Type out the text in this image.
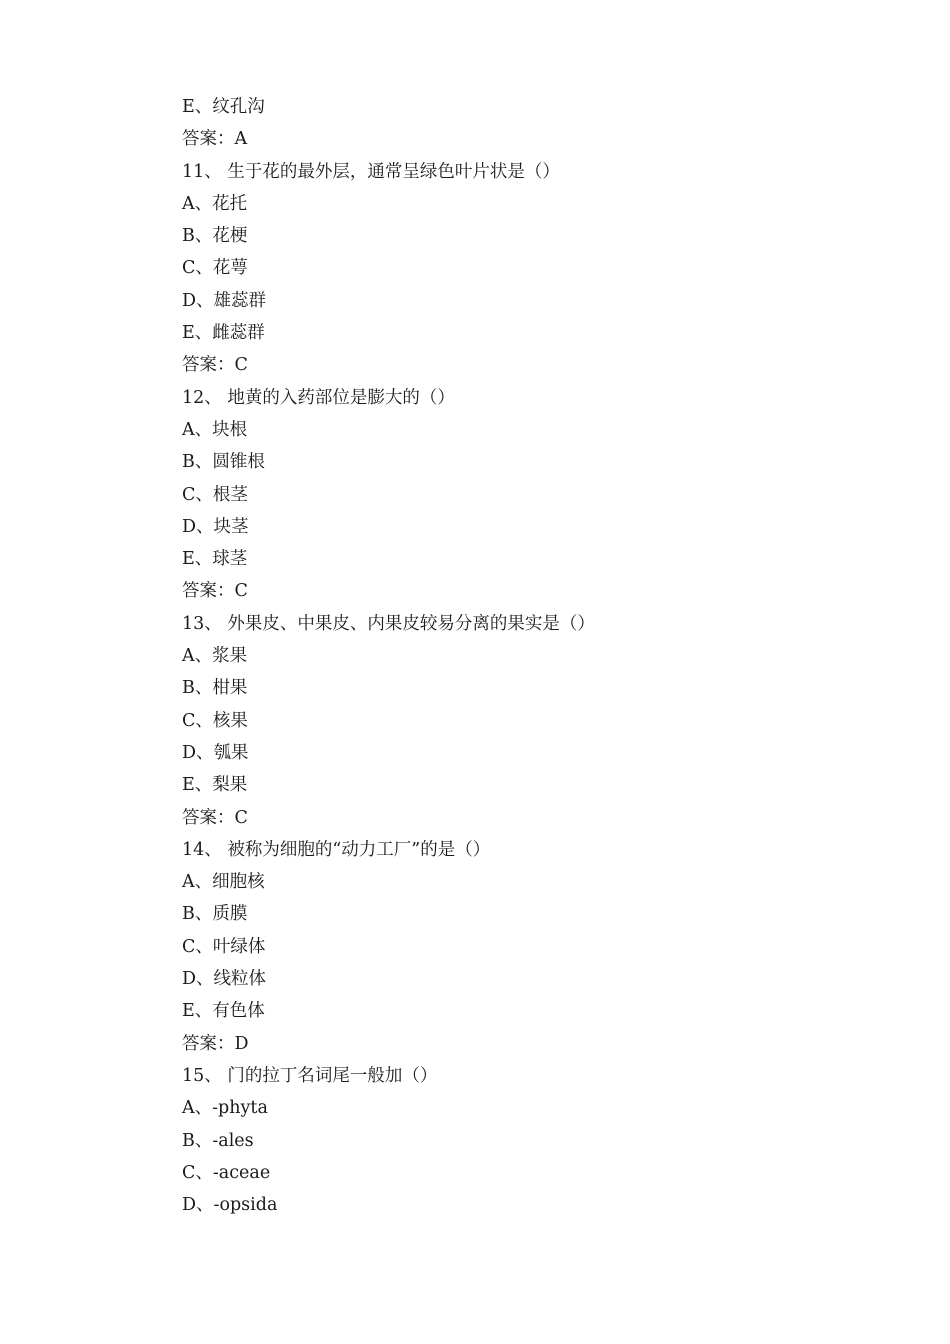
E、纹孔沟
答案：A
11、 生于花的最外层，通常呈绿色叶片状是（）
A、花托
B、花梗
C、花萼
D、雄蕊群
E、雌蕊群
答案：C
12、 地黄的入药部位是膨大的（）
A、块根
B、圆锥根
C、根茎
D、块茎
E、球茎
答案：C
13、 外果皮、中果皮、内果皮较易分离的果实是（）
A、浆果
B、柑果
C、核果
D、瓠果
E、梨果
答案：C
14、 被称为细胞的“动力工厂”的是（）
A、细胞核
B、质膜
C、叶绿体
D、线粒体
E、有色体
答案：D
15、 门的拉丁名词尾一般加（）
A、-phyta
B、-ales
C、-aceae
D、-opsida
